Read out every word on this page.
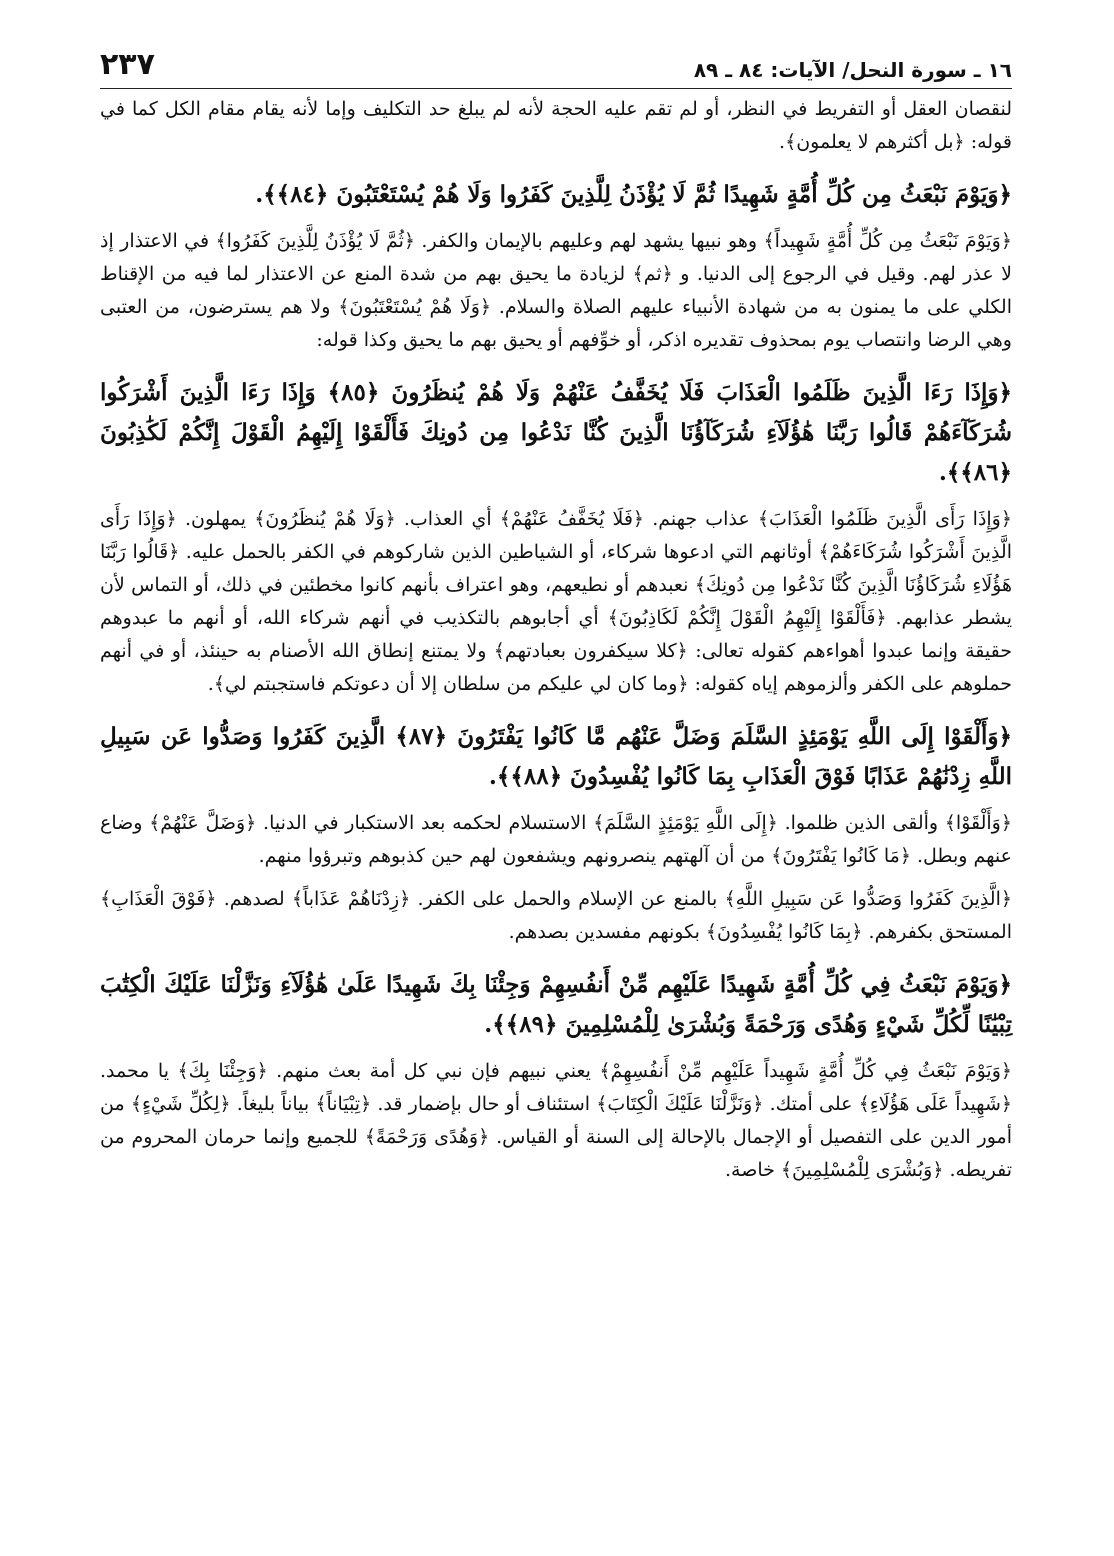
١٦ ـ سورة النحل/ الآيات: ٨٤ ـ ٨٩
٢٣٧

لنقصان العقل أو التفريط في النظر، أو لم تقم عليه الحجة لأنه لم يبلغ حد التكليف وإما لأنه يقام مقام الكل كما في قوله: ﴿بل أكثرهم لا يعلمون﴾.

﴿وَيَوْمَ نَبْعَثُ مِن كُلِّ أُمَّةٍ شَهِيدًا ثُمَّ لَا يُؤْذَنُ لِلَّذِينَ كَفَرُوا وَلَا هُمْ يُسْتَعْتَبُونَ ﴿٨٤﴾﴾.

﴿وَيَوْمَ نَبْعَثُ مِن كُلِّ أُمَّةٍ شَهِيداً﴾ وهو نبيها يشهد لهم وعليهم بالإيمان والكفر. ﴿ثُمَّ لَا يُؤْذَنُ لِلَّذِينَ كَفَرُوا﴾ في الاعتذار إذ لا عذر لهم. وقيل في الرجوع إلى الدنيا. و ﴿ثم﴾ لزيادة ما يحيق بهم من شدة المنع عن الاعتذار لما فيه من الإقناط الكلي على ما يمنون به من شهادة الأنبياء عليهم الصلاة والسلام. ﴿وَلَا هُمْ يُسْتَعْتَبُونَ﴾ ولا هم يسترضون، من العتبى وهي الرضا وانتصاب يوم بمحذوف تقديره اذكر، أو خوِّفهم أو يحيق بهم ما يحيق وكذا قوله:

﴿وَإِذَا رَءَا الَّذِينَ ظَلَمُوا الْعَذَابَ فَلَا يُخَفَّفُ عَنْهُمْ وَلَا هُمْ يُنظَرُونَ ﴿٨٥﴾ وَإِذَا رَءَا الَّذِينَ أَشْرَكُوا شُرَكَآءَهُمْ قَالُوا رَبَّنَا هَٰؤُلَآءِ شُرَكَآؤُنَا الَّذِينَ كُنَّا نَدْعُوا مِن دُونِكَ فَأَلْقَوْا إِلَيْهِمُ الْقَوْلَ إِنَّكُمْ لَكَٰذِبُونَ ﴿٨٦﴾﴾.

﴿وَإِذَا رَأَى الَّذِينَ ظَلَمُوا الْعَذَابَ﴾ عذاب جهنم. ﴿فَلَا يُخَفَّفُ عَنْهُمْ﴾ أي العذاب. ﴿وَلَا هُمْ يُنظَرُونَ﴾ يمهلون. ﴿وَإِذَا رَأَى الَّذِينَ أَشْرَكُوا شُرَكَاءَهُمْ﴾ أوثانهم التي ادعوها شركاء، أو الشياطين الذين شاركوهم في الكفر بالحمل عليه. ﴿قَالُوا رَبَّنَا هَؤُلَاءِ شُرَكَاؤُنَا الَّذِينَ كُنَّا نَدْعُوا مِن دُونِكَ﴾ نعبدهم أو نطيعهم، وهو اعتراف بأنهم كانوا مخطئين في ذلك، أو التماس لأن يشطر عذابهم. ﴿فَأَلْقَوْا إِلَيْهِمُ الْقَوْلَ إِنَّكُمْ لَكَاذِبُونَ﴾ أي أجابوهم بالتكذيب في أنهم شركاء الله، أو أنهم ما عبدوهم حقيقة وإنما عبدوا أهواءهم كقوله تعالى: ﴿كلا سيكفرون بعبادتهم﴾ ولا يمتنع إنطاق الله الأصنام به حينئذ، أو في أنهم حملوهم على الكفر وألزموهم إياه كقوله: ﴿وما كان لي عليكم من سلطان إلا أن دعوتكم فاستجبتم لي﴾.

﴿وَأَلْقَوْا إِلَى اللَّهِ يَوْمَئِذٍ السَّلَمَ وَضَلَّ عَنْهُم مَّا كَانُوا يَفْتَرُونَ ﴿٨٧﴾ الَّذِينَ كَفَرُوا وَصَدُّوا عَن سَبِيلِ اللَّهِ زِدْنَٰهُمْ عَذَابًا فَوْقَ الْعَذَابِ بِمَا كَانُوا يُفْسِدُونَ ﴿٨٨﴾﴾.

﴿وَأَلْقَوْا﴾ وألقى الذين ظلموا. ﴿إِلَى اللَّهِ يَوْمَئِذٍ السَّلَمَ﴾ الاستسلام لحكمه بعد الاستكبار في الدنيا. ﴿وَضَلَّ عَنْهُمْ﴾ وضاع عنهم وبطل. ﴿مَا كَانُوا يَفْتَرُونَ﴾ من أن آلهتهم ينصرونهم ويشفعون لهم حين كذبوهم وتبرؤوا منهم.

﴿الَّذِينَ كَفَرُوا وَصَدُّوا عَن سَبِيلِ اللَّهِ﴾ بالمنع عن الإسلام والحمل على الكفر. ﴿زِدْنَاهُمْ عَذَاباً﴾ لصدهم. ﴿فَوْقَ الْعَذَابِ﴾ المستحق بكفرهم. ﴿بِمَا كَانُوا يُفْسِدُونَ﴾ بكونهم مفسدين بصدهم.

﴿وَيَوْمَ نَبْعَثُ فِي كُلِّ أُمَّةٍ شَهِيدًا عَلَيْهِم مِّنْ أَنفُسِهِمْ وَجِئْنَا بِكَ شَهِيدًا عَلَىٰ هَٰؤُلَآءِ وَنَزَّلْنَا عَلَيْكَ الْكِتَٰبَ تِبْيَٰنًا لِّكُلِّ شَيْءٍ وَهُدًى وَرَحْمَةً وَبُشْرَىٰ لِلْمُسْلِمِينَ ﴿٨٩﴾﴾.

﴿وَيَوْمَ نَبْعَثُ فِي كُلِّ أُمَّةٍ شَهِيداً عَلَيْهِم مِّنْ أَنفُسِهِمْ﴾ يعني نبيهم فإن نبي كل أمة بعث منهم. ﴿وَجِئْنَا بِكَ﴾ يا محمد. ﴿شَهِيداً عَلَى هَؤُلَاءِ﴾ على أمتك. ﴿وَنَزَّلْنَا عَلَيْكَ الْكِتَابَ﴾ استئناف أو حال بإضمار قد. ﴿تِبْيَاناً﴾ بياناً بليغاً. ﴿لِكُلِّ شَيْءٍ﴾ من أمور الدين على التفصيل أو الإجمال بالإحالة إلى السنة أو القياس. ﴿وَهُدًى وَرَحْمَةً﴾ للجميع وإنما حرمان المحروم من تفريطه. ﴿وَبُشْرَى لِلْمُسْلِمِينَ﴾ خاصة.
